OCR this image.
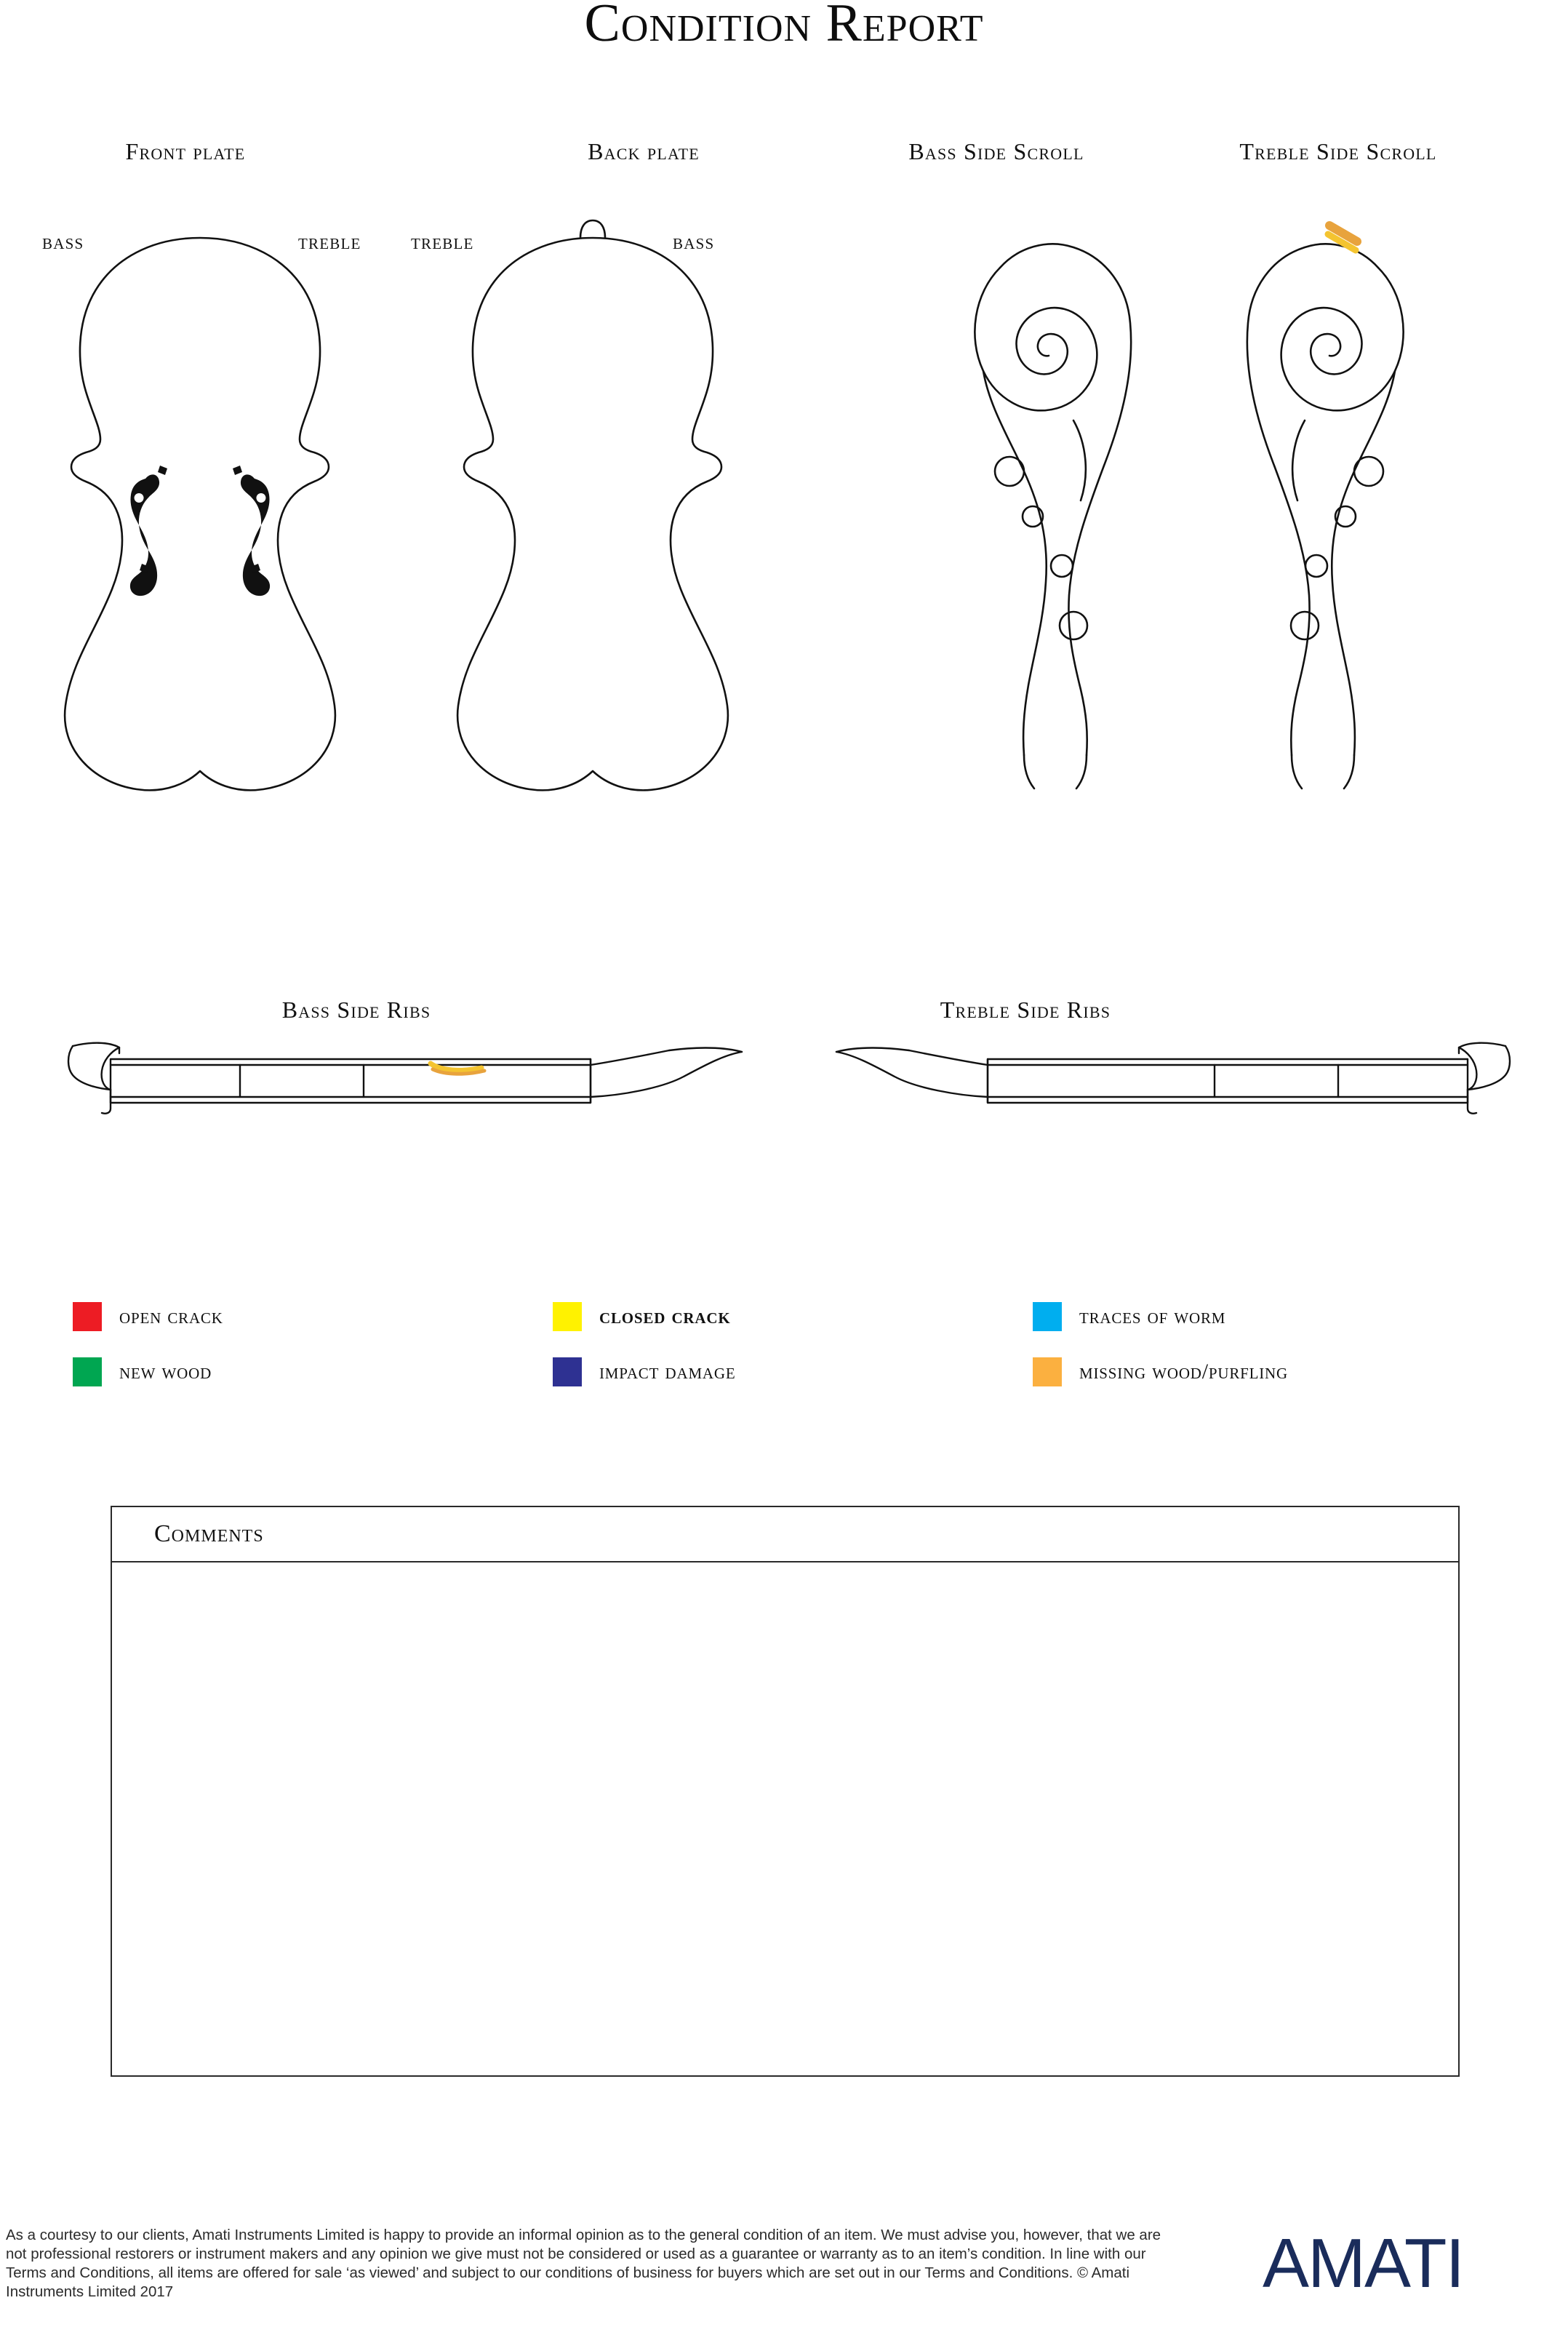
Condition Report
Front plate	Back plate	Bass Side Scroll	Treble Side Scroll
BASS	TREBLE	TREBLE	BASS
Bass Side Ribs	Treble Side Ribs
open crack	closed crack	traces of worm
new wood	impact damage	missing wood/purfling
Comments
As a courtesy to our clients, Amati Instruments Limited is happy to provide an informal opinion as to the general condition of an item. We must advise you, however, that we are not professional restorers or instrument makers and any opinion we give must not be considered or used as a guarantee or warranty as to an item’s condition. In line with our Terms and Conditions, all items are offered for sale ‘as viewed’ and subject to our conditions of business for buyers which are set out in our Terms and Conditions. © Amati Instruments Limited 2017	AMATI
